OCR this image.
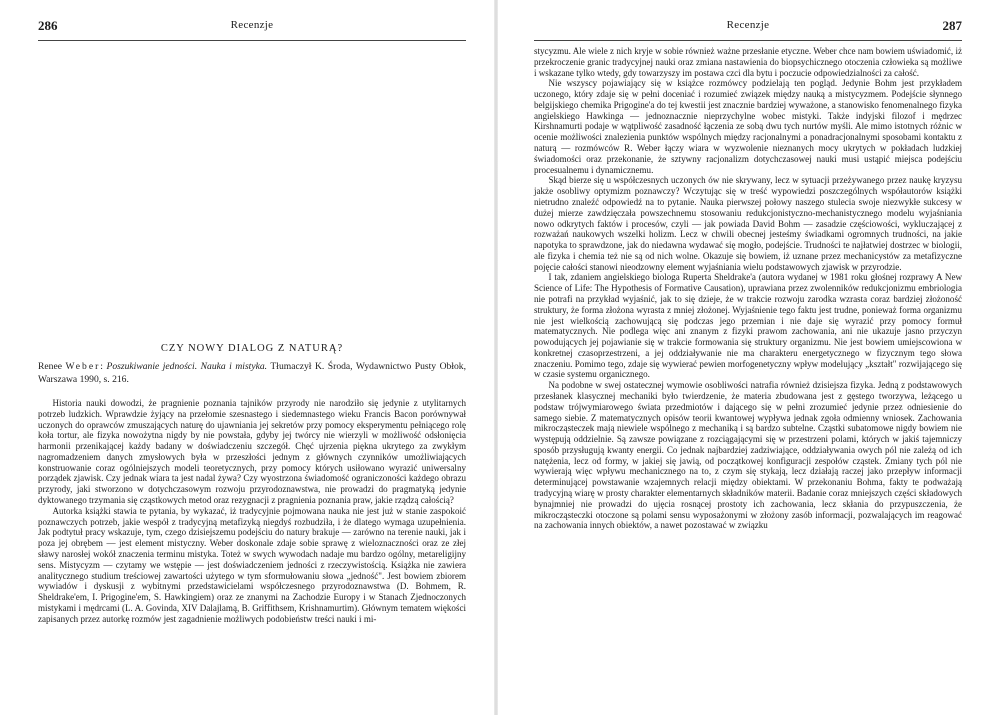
286	Recenzje
CZY NOWY DIALOG Z NATURĄ?
Renee Weber: Poszukiwanie jedności. Nauka i mistyka. Tłumaczył K. Środa, Wydawnictwo Pusty Obłok, Warszawa 1990, s. 216.

Historia nauki dowodzi, że pragnienie poznania tajników przyrody nie narodziło się jedynie z utylitarnych potrzeb ludzkich. Wprawdzie żyjący na przełomie szesnastego i siedemnastego wieku Francis Bacon porównywał uczonych do oprawców zmuszających naturę do ujawniania jej sekretów przy pomocy eksperymentu pełniącego rolę koła tortur, ale fizyka nowożytna nigdy by nie powstała, gdyby jej twórcy nie wierzyli w możliwość odsłonięcia harmonii przenikającej każdy badany w doświadczeniu szczegół. Chęć ujrzenia piękna ukrytego za zwykłym nagromadzeniem danych zmysłowych była w przeszłości jednym z głównych czynników umożliwiających konstruowanie coraz ogólniejszych modeli teoretycznych, przy pomocy których usiłowano wyrazić uniwersalny porządek zjawisk. Czy jednak wiara ta jest nadal żywa? Czy wyostrzona świadomość ograniczoności każdego obrazu przyrody, jaki stworzono w dotychczasowym rozwoju przyrodoznawstwa, nie prowadzi do pragmatyką jedynie dyktowanego trzymania się cząstkowych metod oraz rezygnacji z pragnienia poznania praw, jakie rządzą całością?

Autorka książki stawia te pytania, by wykazać, iż tradycyjnie pojmowana nauka nie jest już w stanie zaspokoić poznawczych potrzeb, jakie wespół z tradycyjną metafizyką niegdyś rozbudziła, i że dlatego wymaga uzupełnienia. Jak podtytuł pracy wskazuje, tym, czego dzisiejszemu podejściu do natury brakuje — zarówno na terenie nauki, jak i poza jej obrębem — jest element mistyczny. Weber doskonale zdaje sobie sprawę z wieloznaczności oraz ze złej sławy narosłej wokół znaczenia terminu mistyka. Toteż w swych wywodach nadaje mu bardzo ogólny, metareligijny sens. Mistycyzm — czytamy we wstępie — jest doświadczeniem jedności z rzeczywistością. Książka nie zawiera analitycznego studium treściowej zawartości użytego w tym sformułowaniu słowa „jedność". Jest bowiem zbiorem wywiadów i dyskusji z wybitnymi przedstawicielami współczesnego przyrodoznawstwa (D. Bohmem, R. Sheldrake'em, I. Prigogine'em, S. Hawkingiem) oraz ze znanymi na Zachodzie Europy i w Stanach Zjednoczonych mistykami i mędrcami (L. A. Govinda, XIV Dalajlamą, B. Griffithsem, Krishnamurtim). Głównym tematem więkości zapisanych przez autorkę rozmów jest zagadnienie możliwych podobieństw treści nauki i mi-

Recenzje	287

stycyzmu. Ale wiele z nich kryje w sobie również ważne przesłanie etyczne. Weber chce nam bowiem uświadomić, iż przekroczenie granic tradycyjnej nauki oraz zmiana nastawienia do biopsychicznego otoczenia człowieka są możliwe i wskazane tylko wtedy, gdy towarzyszy im postawa czci dla bytu i poczucie odpowiedzialności za całość.

Nie wszyscy pojawiający się w książce rozmówcy podzielają ten pogląd. Jedynie Bohm jest przykładem uczonego, który zdaje się w pełni doceniać i rozumieć związek między nauką a mistycyzmem. Podejście słynnego belgijskiego chemika Prigogine'a do tej kwestii jest znacznie bardziej wyważone, a stanowisko fenomenalnego fizyka angielskiego Hawkinga — jednoznacznie nieprzychylne wobec mistyki. Także indyjski filozof i mędrzec Kirshnamurti podaje w wątpliwość zasadność łączenia ze sobą dwu tych nurtów myśli. Ale mimo istotnych różnic w ocenie możliwości znalezienia punktów wspólnych między racjonalnymi a ponadracjonalnymi sposobami kontaktu z naturą — rozmówców R. Weber łączy wiara w wyzwolenie nieznanych mocy ukrytych w pokładach ludzkiej świadomości oraz przekonanie, że sztywny racjonalizm dotychczasowej nauki musi ustąpić miejsca podejściu procesualnemu i dynamicznemu.

Skąd bierze się u współczesnych uczonych ów nie skrywany, lecz w sytuacji przeżywanego przez naukę kryzysu jakże osobliwy optymizm poznawczy? Wczytując się w treść wypowiedzi poszczególnych współautorów książki nietrudno znaleźć odpowiedź na to pytanie. Nauka pierwszej połowy naszego stulecia swoje niezwykłe sukcesy w dużej mierze zawdzięczała powszechnemu stosowaniu redukcjonistyczno-mechanistycznego modelu wyjaśniania nowo odkrytych faktów i procesów, czyli — jak powiada David Bohm — zasadzie częściowości, wykluczającej z rozważań naukowych wszelki holizm. Lecz w chwili obecnej jesteśmy świadkami ogromnych trudności, na jakie napotyka to sprawdzone, jak do niedawna wydawać się mogło, podejście. Trudności te najłatwiej dostrzec w biologii, ale fizyka i chemia też nie są od nich wolne. Okazuje się bowiem, iż uznane przez mechanicystów za metafizyczne pojęcie całości stanowi nieodzowny element wyjaśniania wielu podstawowych zjawisk w przyrodzie.

I tak, zdaniem angielskiego biologa Ruperta Sheldrake'a (autora wydanej w 1981 roku głośnej rozprawy A New Science of Life: The Hypothesis of Formative Causation), uprawiana przez zwolenników redukcjonizmu embriologia nie potrafi na przykład wyjaśnić, jak to się dzieje, że w trakcie rozwoju zarodka wzrasta coraz bardziej złożoność struktury, że forma złożona wyrasta z mniej złożonej. Wyjaśnienie tego faktu jest trudne, ponieważ forma organizmu nie jest wielkością zachowującą się podczas jego przemian i nie daje się wyrazić przy pomocy formuł matematycznych. Nie podlega więc ani znanym z fizyki prawom zachowania, ani nie ukazuje jasno przyczyn powodujących jej pojawianie się w trakcie formowania się struktury organizmu. Nie jest bowiem umiejscowiona w konkretnej czasoprzestrzeni, a jej oddziaływanie nie ma charakteru energetycznego w fizycznym tego słowa znaczeniu. Pomimo tego, zdaje się wywierać pewien morfogenetyczny wpływ modelujący „kształt" rozwijającego się w czasie systemu organicznego.

Na podobne w swej ostatecznej wymowie osobliwości natrafia również dzisiejsza fizyka. Jedną z podstawowych przesłanek klasycznej mechaniki było twierdzenie, że materia zbudowana jest z gęstego tworzywa, leżącego u podstaw trójwymiarowego świata przedmiotów i dającego się w pełni zrozumieć jedynie przez odniesienie do samego siebie. Z matematycznych opisów teorii kwantowej wypływa jednak zgoła odmienny wniosek. Zachowania mikrocząsteczek mają niewiele wspólnego z mechaniką i są bardzo subtelne. Cząstki subatomowe nigdy bowiem nie występują oddzielnie. Są zawsze powiązane z rozciągającymi się w przestrzeni polami, których w jakiś tajemniczy sposób przysługują kwanty energii. Co jednak najbardziej zadziwiające, oddziaływania owych pól nie zależą od ich natężenia, lecz od formy, w jakiej się jawią, od początkowej konfiguracji zespołów cząstek. Zmiany tych pól nie wywierają więc wpływu mechanicznego na to, z czym się stykają, lecz działają raczej jako przepływ informacji determinującej powstawanie wzajemnych relacji między obiektami. W przekonaniu Bohma, fakty te podważają tradycyjną wiarę w prosty charakter elementarnych składników materii. Badanie coraz mniejszych części składowych bynajmniej nie prowadzi do ujęcia rosnącej prostoty ich zachowania, lecz skłania do przypuszczenia, że mikrocząsteczki otoczone są polami sensu wyposażonymi w złożony zasób informacji, pozwalających im reagować na zachowania innych obiektów, a nawet pozostawać w związku
